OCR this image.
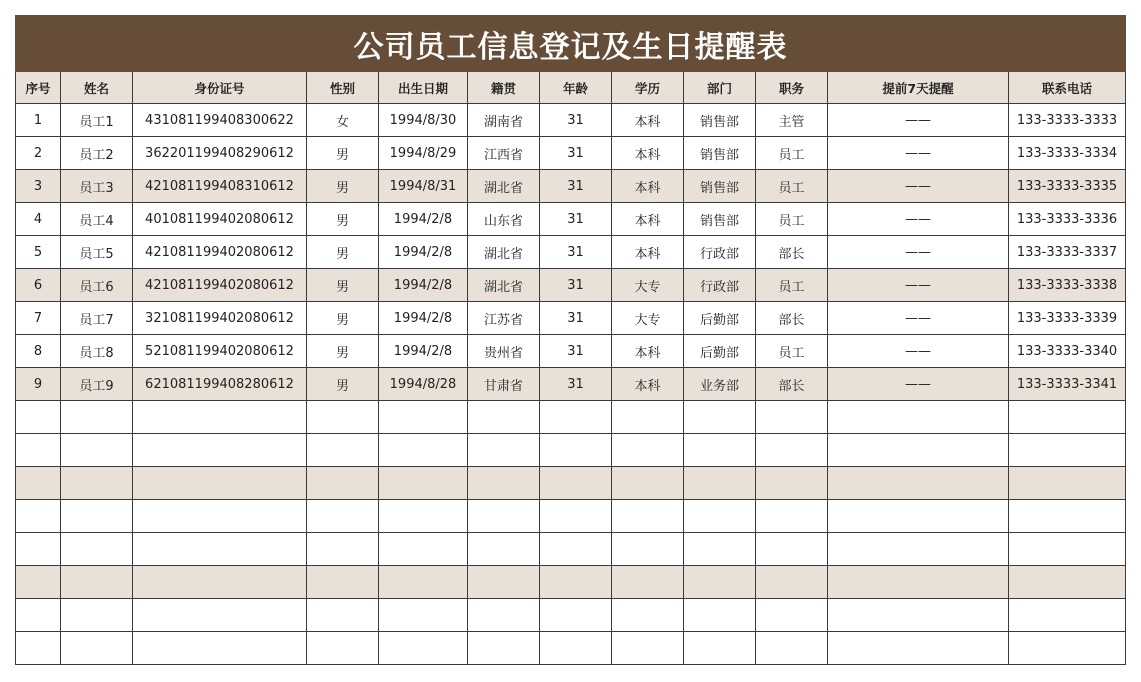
公司员工信息登记及生日提醒表
序号	姓名	身份证号	性别	出生日期	籍贯	年龄	学历	部门	职务	提前7天提醒	联系电话
1	员工1	431081199408300622	女	1994/8/30	湖南省	31	本科	销售部	主管	——	133-3333-3333
2	员工2	362201199408290612	男	1994/8/29	江西省	31	本科	销售部	员工	——	133-3333-3334
3	员工3	421081199408310612	男	1994/8/31	湖北省	31	本科	销售部	员工	——	133-3333-3335
4	员工4	401081199402080612	男	1994/2/8	山东省	31	本科	销售部	员工	——	133-3333-3336
5	员工5	421081199402080612	男	1994/2/8	湖北省	31	本科	行政部	部长	——	133-3333-3337
6	员工6	421081199402080612	男	1994/2/8	湖北省	31	大专	行政部	员工	——	133-3333-3338
7	员工7	321081199402080612	男	1994/2/8	江苏省	31	大专	后勤部	部长	——	133-3333-3339
8	员工8	521081199402080612	男	1994/2/8	贵州省	31	本科	后勤部	员工	——	133-3333-3340
9	员工9	621081199408280612	男	1994/8/28	甘肃省	31	本科	业务部	部长	——	133-3333-3341
